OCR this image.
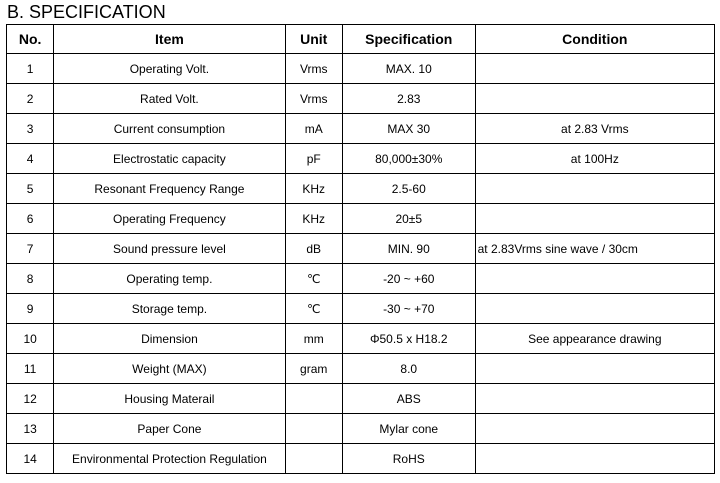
B. SPECIFICATION
No.	Item	Unit	Specification	Condition
1	Operating Volt.	Vrms	MAX. 10	
2	Rated Volt.	Vrms	2.83	
3	Current consumption	mA	MAX 30	at 2.83 Vrms
4	Electrostatic capacity	pF	80,000±30%	at 100Hz
5	Resonant Frequency Range	KHz	2.5-60	
6	Operating Frequency	KHz	20±5	
7	Sound pressure level	dB	MIN. 90	at 2.83Vrms sine wave / 30cm
8	Operating temp.	℃	-20 ~ +60	
9	Storage temp.	℃	-30 ~ +70	
10	Dimension	mm	Φ50.5 x H18.2	See appearance drawing
11	Weight (MAX)	gram	8.0	
12	Housing Materail		ABS	
13	Paper Cone		Mylar cone	
14	Environmental Protection Regulation		RoHS	
